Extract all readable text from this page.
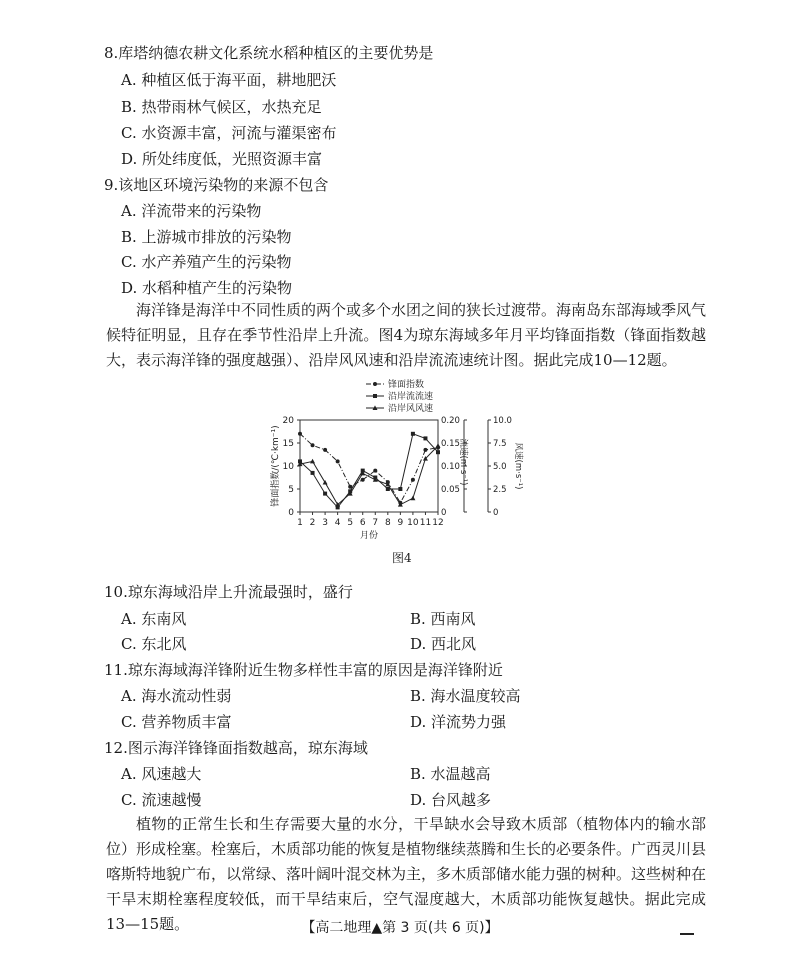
8.库塔纳德农耕文化系统水稻种植区的主要优势是
A. 种植区低于海平面，耕地肥沃
B. 热带雨林气候区，水热充足
C. 水资源丰富，河流与灌渠密布
D. 所处纬度低，光照资源丰富
9.该地区环境污染物的来源不包含
A. 洋流带来的污染物
B. 上游城市排放的污染物
C. 水产养殖产生的污染物
D. 水稻种植产生的污染物

海洋锋是海洋中不同性质的两个或多个水团之间的狭长过渡带。海南岛东部海域季风气候特征明显，且存在季节性沿岸上升流。图4为琼东海域多年月平均锋面指数（锋面指数越大，表示海洋锋的强度越强）、沿岸风风速和沿岸流流速统计图。据此完成10—12题。

0
5
10
15
20
锋面指数/(℃·km⁻¹)
0
0.05
0.10
0.15
0.20
流速(m·s⁻¹)
0
2.5
5.0
7.5
10.0
风速(m·s⁻¹)
1 2 3 4 5 6 7 8 9 10 11 12
月份
锋面指数
沿岸流流速
沿岸风风速
图4
10.琼东海域沿岸上升流最强时，盛行
A. 东南风	B. 西南风
C. 东北风	D. 西北风
11.琼东海域海洋锋附近生物多样性丰富的原因是海洋锋附近
A. 海水流动性弱	B. 海水温度较高
C. 营养物质丰富	D. 洋流势力强
12.图示海洋锋锋面指数越高，琼东海域
A. 风速越大	B. 水温越高
C. 流速越慢	D. 台风越多

植物的正常生长和生存需要大量的水分，干旱缺水会导致木质部（植物体内的输水部位）形成栓塞。栓塞后，木质部功能的恢复是植物继续蒸腾和生长的必要条件。广西灵川县喀斯特地貌广布，以常绿、落叶阔叶混交林为主，多木质部储水能力强的树种。这些树种在干旱末期栓塞程度较低，而干旱结束后，空气湿度越大，木质部功能恢复越快。据此完成13—15题。	【高二地理▲第 3 页(共 6 页)】
